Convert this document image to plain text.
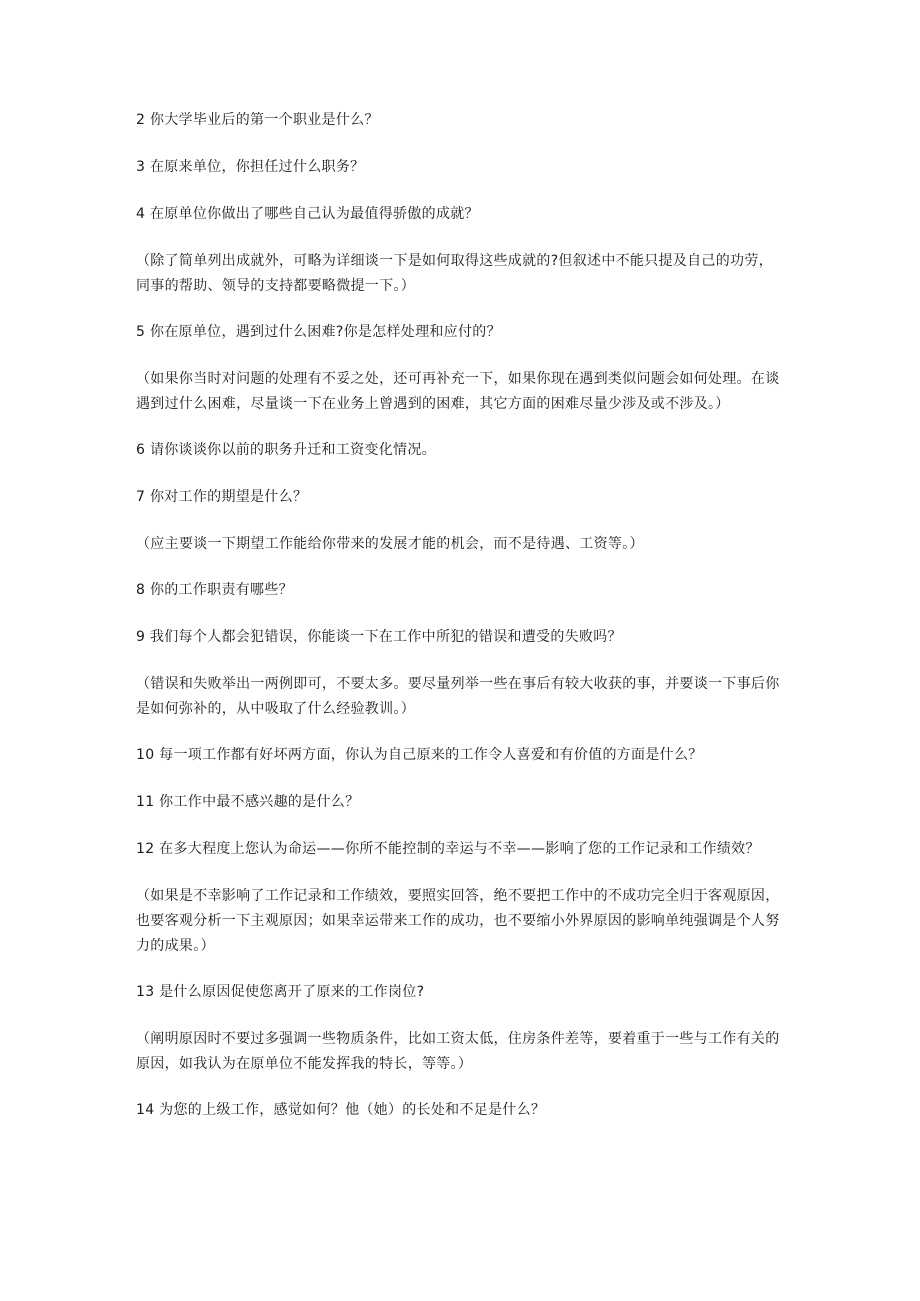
2 你大学毕业后的第一个职业是什么？

3 在原来单位，你担任过什么职务？

4 在原单位你做出了哪些自己认为最值得骄傲的成就？

（除了简单列出成就外，可略为详细谈一下是如何取得这些成就的?但叙述中不能只提及自己的功劳，同事的帮助、领导的支持都要略微提一下。）

5 你在原单位，遇到过什么困难?你是怎样处理和应付的？

（如果你当时对问题的处理有不妥之处，还可再补充一下，如果你现在遇到类似问题会如何处理。在谈遇到过什么困难，尽量谈一下在业务上曾遇到的困难，其它方面的困难尽量少涉及或不涉及。）

6 请你谈谈你以前的职务升迁和工资变化情况。

7 你对工作的期望是什么？

（应主要谈一下期望工作能给你带来的发展才能的机会，而不是待遇、工资等。）

8 你的工作职责有哪些？

9 我们每个人都会犯错误，你能谈一下在工作中所犯的错误和遭受的失败吗？

（错误和失败举出一两例即可，不要太多。要尽量列举一些在事后有较大收获的事，并要谈一下事后你是如何弥补的，从中吸取了什么经验教训。）

10 每一项工作都有好坏两方面，你认为自己原来的工作令人喜爱和有价值的方面是什么？

11 你工作中最不感兴趣的是什么？

12 在多大程度上您认为命运——你所不能控制的幸运与不幸——影响了您的工作记录和工作绩效？

（如果是不幸影响了工作记录和工作绩效，要照实回答，绝不要把工作中的不成功完全归于客观原因，也要客观分析一下主观原因；如果幸运带来工作的成功，也不要缩小外界原因的影响单纯强调是个人努力的成果。）

13 是什么原因促使您离开了原来的工作岗位?

（阐明原因时不要过多强调一些物质条件，比如工资太低，住房条件差等，要着重于一些与工作有关的原因，如我认为在原单位不能发挥我的特长，等等。）

14 为您的上级工作，感觉如何？他（她）的长处和不足是什么？
